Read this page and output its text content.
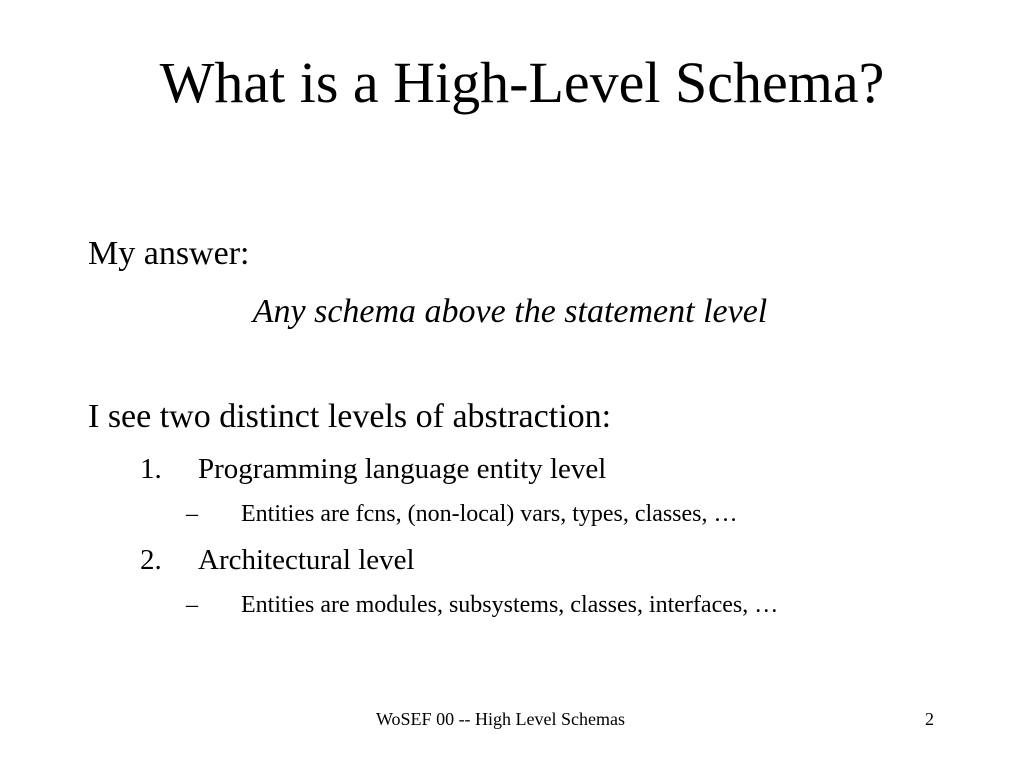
What is a High-Level Schema?
My answer:
Any schema above the statement level
I see two distinct levels of abstraction:
1. Programming language entity level
– Entities are fcns, (non-local) vars, types, classes, …
2. Architectural level
– Entities are modules, subsystems, classes, interfaces, …
WoSEF 00 -- High Level Schemas	2
